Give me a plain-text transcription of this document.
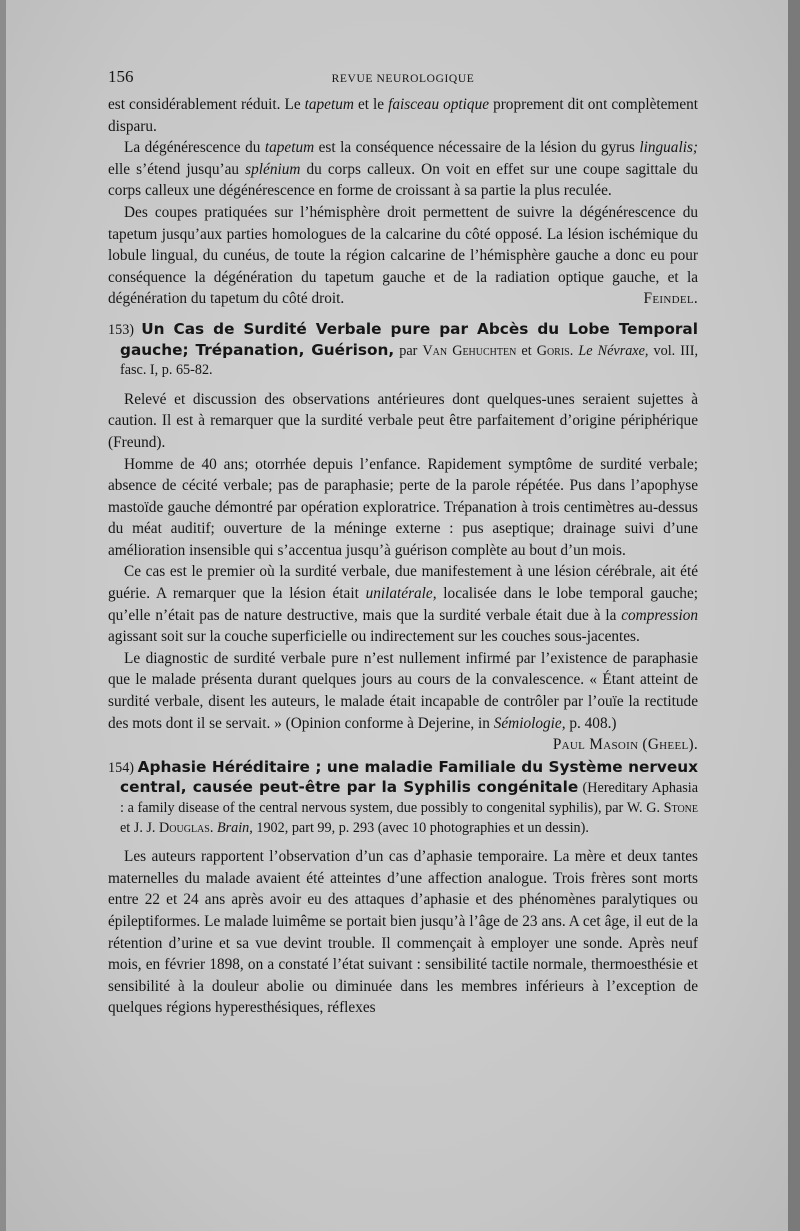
156	REVUE NEUROLOGIQUE

est considérablement réduit. Le tapetum et le faisceau optique proprement dit ont complètement disparu.

La dégénérescence du tapetum est la conséquence nécessaire de la lésion du gyrus lingualis; elle s’étend jusqu’au splénium du corps calleux. On voit en effet sur une coupe sagittale du corps calleux une dégénérescence en forme de croissant à sa partie la plus reculée.

Des coupes pratiquées sur l’hémisphère droit permettent de suivre la dégénérescence du tapetum jusqu’aux parties homologues de la calcarine du côté opposé. La lésion ischémique du lobule lingual, du cunéus, de toute la région calcarine de l’hémisphère gauche a donc eu pour conséquence la dégénération du tapetum gauche et de la radiation optique gauche, et la dégénération du tapetum du côté droit.	Feindel.

153) Un Cas de Surdité Verbale pure par Abcès du Lobe Temporal gauche; Trépanation, Guérison, par Van Gehuchten et Goris. Le Névraxe, vol. III, fasc. I, p. 65-82.

Relevé et discussion des observations antérieures dont quelques-unes seraient sujettes à caution. Il est à remarquer que la surdité verbale peut être parfaitement d’origine périphérique (Freund).

Homme de 40 ans; otorrhée depuis l’enfance. Rapidement symptôme de surdité verbale; absence de cécité verbale; pas de paraphasie; perte de la parole répétée. Pus dans l’apophyse mastoïde gauche démontré par opération exploratrice. Trépanation à trois centimètres au-dessus du méat auditif; ouverture de la méninge externe : pus aseptique; drainage suivi d’une amélioration insensible qui s’accentua jusqu’à guérison complète au bout d’un mois.

Ce cas est le premier où la surdité verbale, due manifestement à une lésion cérébrale, ait été guérie. A remarquer que la lésion était unilatérale, localisée dans le lobe temporal gauche; qu’elle n’était pas de nature destructive, mais que la surdité verbale était due à la compression agissant soit sur la couche superficielle ou indirectement sur les couches sous-jacentes.

Le diagnostic de surdité verbale pure n’est nullement infirmé par l’existence de paraphasie que le malade présenta durant quelques jours au cours de la convalescence. « Étant atteint de surdité verbale, disent les auteurs, le malade était incapable de contrôler par l’ouïe la rectitude des mots dont il se servait. » (Opinion conforme à Dejerine, in Sémiologie, p. 408.)

Paul Masoin (Gheel).

154) Aphasie Héréditaire ; une maladie Familiale du Système nerveux central, causée peut-être par la Syphilis congénitale (Hereditary Aphasia : a family disease of the central nervous system, due possibly to congenital syphilis), par W. G. Stone et J. J. Douglas. Brain, 1902, part 99, p. 293 (avec 10 photographies et un dessin).

Les auteurs rapportent l’observation d’un cas d’aphasie temporaire. La mère et deux tantes maternelles du malade avaient été atteintes d’une affection analogue. Trois frères sont morts entre 22 et 24 ans après avoir eu des attaques d’aphasie et des phénomènes paralytiques ou épileptiformes. Le malade luimême se portait bien jusqu’à l’âge de 23 ans. A cet âge, il eut de la rétention d’urine et sa vue devint trouble. Il commençait à employer une sonde. Après neuf mois, en février 1898, on a constaté l’état suivant : sensibilité tactile normale, thermoesthésie et sensibilité à la douleur abolie ou diminuée dans les membres inférieurs à l’exception de quelques régions hyperesthésiques, réflexes
